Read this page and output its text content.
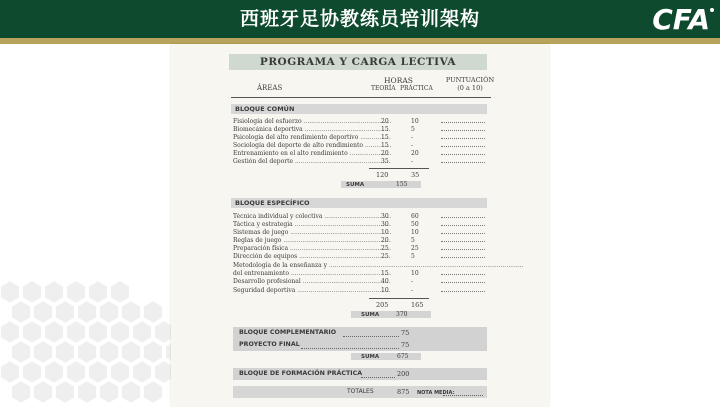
西班牙足协教练员培训架构	CFA
PROGRAMA Y CARGA LECTIVA
HORAS	PUNTUACIÓN
(0 a 10)
ÁREAS	TEORÍA PRÁCTICA
BLOQUE COMÚN
Fisiología del esfuerzo .....	20	10
Biomecánica deportiva .....	15	5
Psicología del alto rendimiento deportivo .....	15	-
Sociología del deporte de alto rendimiento .....	15	-
Entrenamiento en el alto rendimiento .....	20	20
Gestión del deporte .....	35	-
120	35
SUMA	155
BLOQUE ESPECÍFICO
Técnica individual y colectiva .....	30	60
Táctica y estrategia .....	30	50
Sistemas de juego .....	10	10
Reglas de juego .....	20	5
Preparación física .....	25	25
Dirección de equipos .....	25	5
Metodología de la enseñanza y .....
del entrenamiento .....	15	10
Desarrollo profesional .....	40	-
Seguridad deportiva .....	10	-
205	165
SUMA	370
BLOQUE COMPLEMENTARIO	75
PROYECTO FINAL	75
SUMA	675
BLOQUE DE FORMACIÓN PRÁCTICA	200
TOTALES	875 NOTA MEDIA:
